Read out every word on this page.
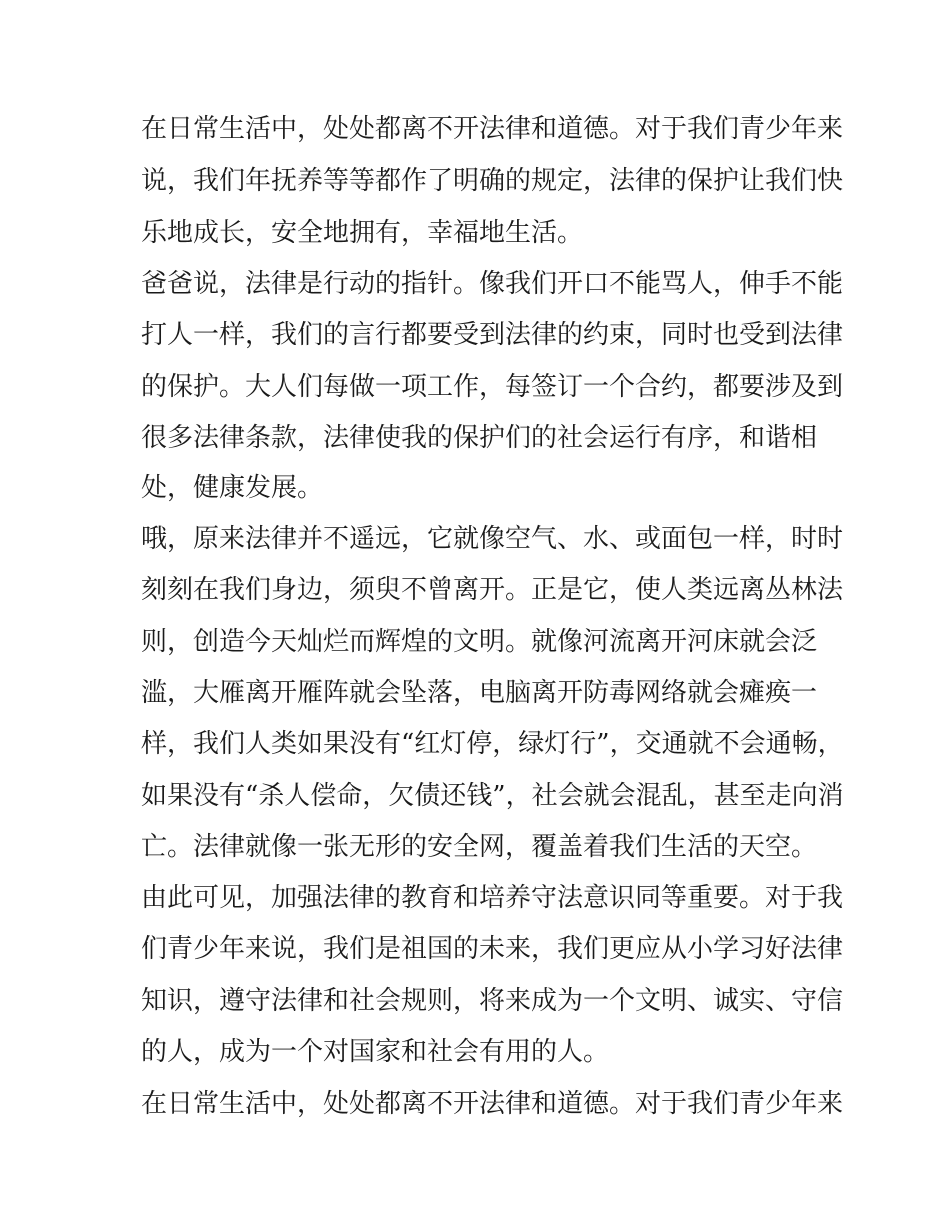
在日常生活中，处处都离不开法律和道德。对于我们青少年来
说，我们年抚养等等都作了明确的规定，法律的保护让我们快
乐地成长，安全地拥有，幸福地生活。
爸爸说，法律是行动的指针。像我们开口不能骂人，伸手不能
打人一样，我们的言行都要受到法律的约束，同时也受到法律
的保护。大人们每做一项工作，每签订一个合约，都要涉及到
很多法律条款，法律使我的保护们的社会运行有序，和谐相
处，健康发展。
哦，原来法律并不遥远，它就像空气、水、或面包一样，时时
刻刻在我们身边，须臾不曾离开。正是它，使人类远离丛林法
则，创造今天灿烂而辉煌的文明。就像河流离开河床就会泛
滥，大雁离开雁阵就会坠落，电脑离开防毒网络就会瘫痪一
样，我们人类如果没有“红灯停，绿灯行”，交通就不会通畅，
如果没有“杀人偿命，欠债还钱”，社会就会混乱，甚至走向消
亡。法律就像一张无形的安全网，覆盖着我们生活的天空。
由此可见，加强法律的教育和培养守法意识同等重要。对于我
们青少年来说，我们是祖国的未来，我们更应从小学习好法律
知识，遵守法律和社会规则，将来成为一个文明、诚实、守信
的人，成为一个对国家和社会有用的人。
在日常生活中，处处都离不开法律和道德。对于我们青少年来
